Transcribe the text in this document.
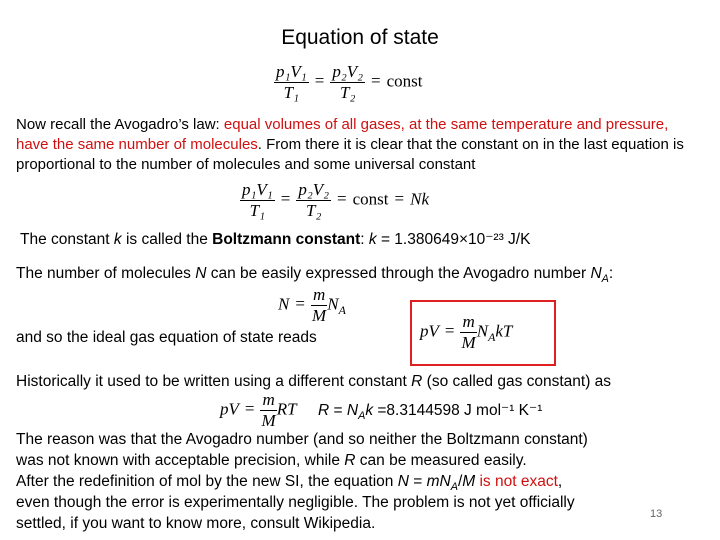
Equation of state
$\frac{\text{p₁V₁}}{\text{T₁}} = \frac{\text{p₂V₂}}{\text{T₂}}$ = const
Now recall the Avogadro’s law: equal volumes of all gases, at the same temperature and pressure, have the same number of molecules. From there it is clear that the constant on in the last equation is proportional to the number of molecules and some universal constant
$\frac{\text{p₁V₁}}{\text{T₁}} = \frac{\text{p₂V₂}}{\text{T₂}}$ = const = Nk
The constant k is called the Boltzmann constant: k = 1.380649×10⁻²³ J/K
The number of molecules N can be easily expressed through the Avogadro number $N_A$:
$N = \frac{m}{M} N_A$
and so the ideal gas equation of state reads	pV = $\frac{m}{M} N_AkT$
Historically it used to be written using a different constant R (so called gas constant) as
pV = $\frac{m}{M}$ RT $R = N_Ak =8.3144598$ J mol⁻¹ K⁻¹
The reason was that the Avogadro number (and so neither the Boltzmann constant)
was not known with acceptable precision, while R can be measured easily.
After the redefinition of mol by the new SI, the equation $N = mN_A/M$ is not exact,
even though the error is experimentally negligible. The problem is not yet officially
settled, if you want to know more, consult Wikipedia.
13
